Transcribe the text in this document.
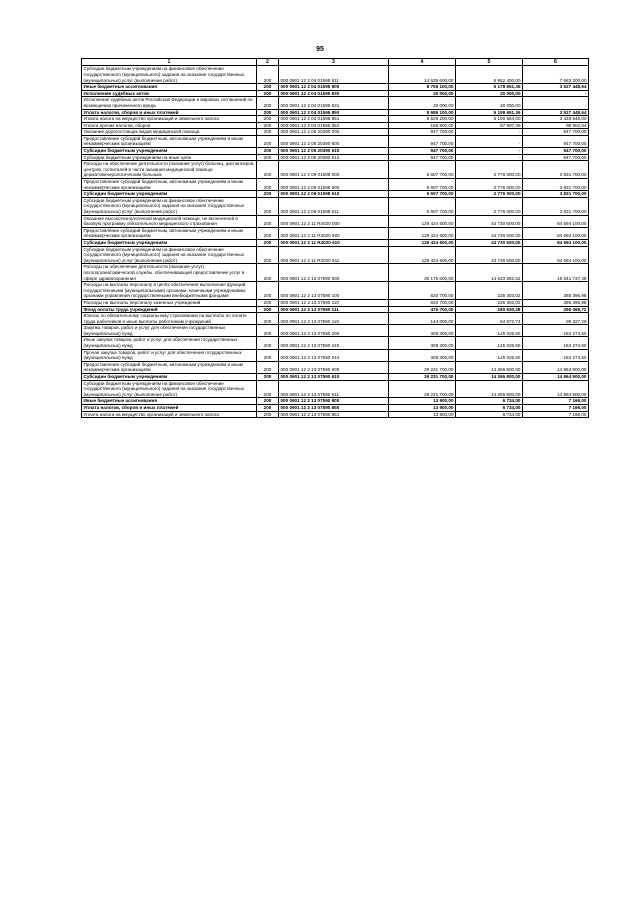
95
1	2	3	4	5	6
Субсидии бюджетным учреждениям на финансовое обеспечение государственного (муниципального) задания на оказание государственных (муниципальных) услуг (выполнение работ)	200	000 0901 12 2 04 01595 611	14 635 600,00	6 952 400,00	7 683 200,00
Иные бюджетные ассигнования	200	000 0901 12 2 04 01595 800	8 706 100,00	5 178 651,36	3 527 448,64
Исполнение судебных актов	200	000 0901 12 2 04 01595 830	20 000,00	20 000,00	-
Исполнение судебных актов Российской Федерации и мировых соглашений по возмещению причиненного вреда	200	000 0901 12 2 04 01595 831	20 000,00	20 000,00	-
Уплата налогов, сборов и иных платежей	200	000 0901 12 2 04 01595 850	8 686 100,00	5 158 651,36	3 527 448,64
Уплата налога на имущество организаций и земельного налога	200	000 0901 12 2 04 01595 851	8 529 200,00	5 100 654,00	3 428 546,00
Уплата прочих налогов, сборов	200	000 0901 12 2 04 01595 852	156 900,00	57 997,36	98 902,64
Оказание дорогостоящих видов медицинской помощи	200	000 0901 12 2 05 20390 000	947 700,00	-	947 700,00
Предоставление субсидий бюджетным, автономным учреждениям и иным некоммерческим организациям	200	000 0901 12 2 05 20390 600	947 700,00	-	947 700,00
Субсидии бюджетным учреждениям	200	000 0901 12 2 05 20390 610	947 700,00	-	947 700,00
Субсидии бюджетным учреждениям на иные цели	200	000 0901 12 2 05 20390 612	947 700,00	-	947 700,00
Расходы на обеспечение деятельности (оказание услуг) больниц, диспансеров, центров, госпиталей в части оказания медицинской помощи дерматовенерологическим больным	200	000 0901 12 2 09 01598 000	6 607 700,00	2 776 000,00	3 831 700,00
Предоставление субсидий бюджетным, автономным учреждениям и иным некоммерческим организациям	200	000 0901 12 2 09 01598 600	6 607 700,00	2 776 000,00	3 831 700,00
Субсидии бюджетным учреждениям	200	000 0901 12 2 09 01598 610	6 607 700,00	2 776 000,00	3 831 700,00
Субсидии бюджетным учреждениям на финансовое обеспечение государственного (муниципального) задания на оказание государственных (муниципальных) услуг (выполнение работ)	200	000 0901 12 2 09 01598 611	6 607 700,00	2 776 000,00	3 831 700,00
Оказание высокотехнологичной медицинской помощи, не включенной в базовую программу обязательного медицинского страхования	200	000 0901 12 2 11 R4020 000	129 424 600,00	44 730 500,00	84 694 100,00
Предоставление субсидий бюджетным, автономным учреждениям и иным некоммерческим организациям	200	000 0901 12 2 11 R4020 600	129 424 600,00	44 730 500,00	84 694 100,00
Субсидии бюджетным учреждениям	200	000 0901 12 2 11 R4020 610	129 424 600,00	44 730 500,00	84 694 100,00
Субсидии бюджетным учреждениям на финансовое обеспечение государственного (муниципального) задания на оказание государственных (муниципальных) услуг (выполнение работ)	200	000 0901 12 2 11 R4020 611	129 424 600,00	44 730 500,00	84 694 100,00
Расходы на обеспечение деятельности (оказание услуг) патологоанатомической службы, обеспечивающей предоставление услуг в сфере здравоохранения	200	000 0901 12 2 13 07590 000	30 175 600,00	14 633 862,52	15 541 737,48
Расходы на выплаты персоналу в целях обеспечения выполнения функций государственными (муниципальными) органами, казенными учреждениями, органами управления государственными внебюджетными фондами	200	000 0901 12 2 13 07590 100	620 700,00	235 303,02	385 396,98
Расходы на выплаты персоналу казенных учреждений	200	000 0901 12 2 13 07590 110	620 700,00	235 303,02	385 396,98
Фонд оплаты труда учреждений	200	000 0901 12 2 13 07590 111	476 700,00	180 630,28	296 069,72
Взносы по обязательному социальному страхованию на выплаты по оплате труда работников и иные выплаты работникам учреждений	200	000 0901 12 2 13 07590 119	144 000,00	54 672,74	89 327,26
Закупка товаров, работ и услуг для обеспечения государственных (муниципальных) нужд	200	000 0901 12 2 13 07590 200	309 300,00	125 025,50	184 274,50
Иные закупки товаров, работ и услуг для обеспечения государственных (муниципальных) нужд	200	000 0901 12 2 13 07590 240	309 300,00	125 025,50	184 274,50
Прочая закупка товаров, работ и услуг для обеспечения государственных (муниципальных) нужд	200	000 0901 12 2 13 07590 244	309 300,00	125 025,50	184 274,50
Предоставление субсидий бюджетным, автономным учреждениям и иным некоммерческим организациям	200	000 0901 12 2 13 07590 600	29 231 700,00	14 266 800,00	14 964 900,00
Субсидии бюджетным учреждениям	200	000 0901 12 2 13 07590 610	29 231 700,00	14 266 800,00	14 964 900,00
Субсидии бюджетным учреждениям на финансовое обеспечение государственного (муниципального) задания на оказание государственных (муниципальных) услуг (выполнение работ)	200	000 0901 12 2 13 07590 611	29 231 700,00	14 266 800,00	14 964 900,00
Иные бюджетные ассигнования	200	000 0901 12 2 13 07590 800	13 900,00	6 734,00	7 166,00
Уплата налогов, сборов и иных платежей	200	000 0901 12 2 13 07590 850	13 900,00	6 734,00	7 166,00
Уплата налога на имущество организаций и земельного налога	200	000 0901 12 2 13 07590 851	13 900,00	6 734,00	7 166,00
